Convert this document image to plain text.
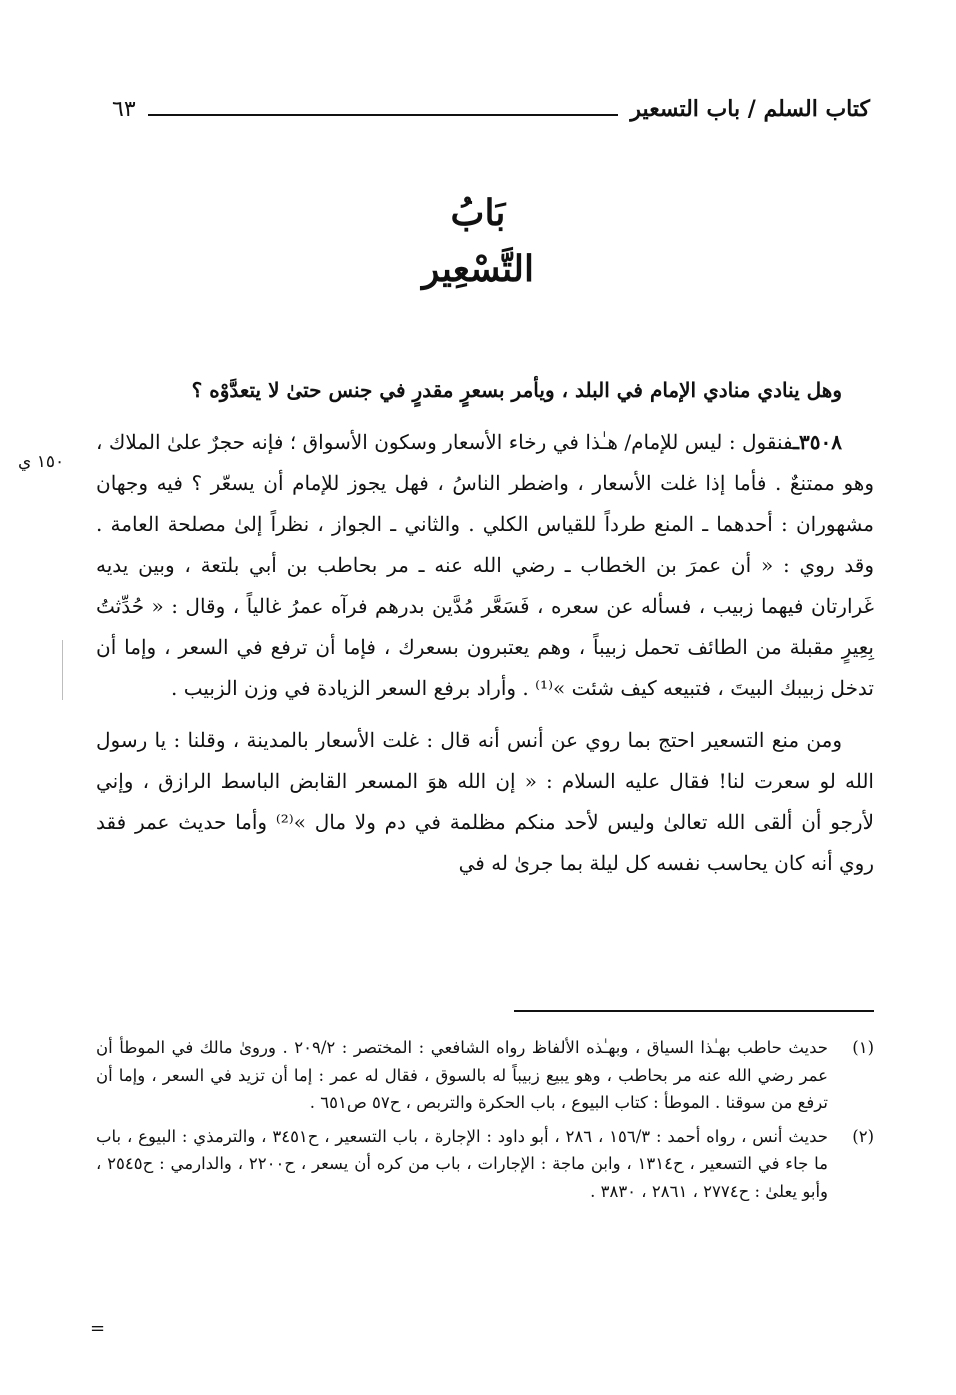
كتاب السلم / باب التسعير
٦٣
بَابُ
التَّسْعِير
١٥٠ ي

وهل ينادي منادي الإمام في البلد ، ويأمر بسعرٍ مقدرٍ في جنس حتىٰ لا يتعدَّوْه ؟

٣٥٠٨ـفنقول : ليس للإمام/ هـٰذا في رخاء الأسعار وسكون الأسواق ؛ فإنه حجرٌ علىٰ الملاك ، وهو ممتنعٌ . فأما إذا غلت الأسعار ، واضطر الناسُ ، فهل يجوز للإمام أن يسعّر ؟ فيه وجهان مشهوران : أحدهما ـ المنع طرداً للقياس الكلي . والثاني ـ الجواز ، نظراً إلىٰ مصلحة العامة . وقد روي : « أن عمرَ بن الخطاب ـ رضي الله عنه ـ مر بحاطب بن أبي بلتعة ، وبين يديه غَرارتان فيهما زبيب ، فسأله عن سعره ، فَسَعَّر مُدَّين بدرهم فرآه عمرُ غالياً ، وقال : « حُدِّثتُ بِعِيرٍ مقبلة من الطائف تحمل زبيباً ، وهم يعتبرون بسعرك ، فإما أن ترفع في السعر ، وإما أن تدخل زبيبك البيتَ ، فتبيعه كيف شئت »⁽¹⁾ . وأراد برفع السعر الزيادة في وزن الزبيب .

ومن منع التسعير احتج بما روي عن أنس أنه قال : غلت الأسعار بالمدينة ، وقلنا : يا رسول الله لو سعرت لنا! فقال عليه السلام : « إن الله هوَ المسعر القابض الباسط الرازق ، وإني لأرجو أن ألقى الله تعالىٰ وليس لأحد منكم مظلمة في دم ولا مال »⁽²⁾ وأما حديث عمر فقد روي أنه كان يحاسب نفسه كل ليلة بما جرىٰ له في

(١)
حديث حاطب بهـٰذا السياق ، وبهـٰذه الألفاظ رواه الشافعي : المختصر : ٢٠٩/٢ . وروىٰ مالك في الموطأ أن عمر رضي الله عنه مر بحاطب ، وهو يبيع زبيباً له بالسوق ، فقال له عمر : إما أن تزيد في السعر ، وإما أن ترفع من سوقنا . الموطأ : كتاب البيوع ، باب الحكرة والتربص ، ح٥٧ ص٦٥١ .
(٢)
حديث أنس ، رواه أحمد : ١٥٦/٣ ، ٢٨٦ ، أبو داود : الإجارة ، باب التسعير ، ح٣٤٥١ ، والترمذي : البيوع ، باب ما جاء في التسعير ، ح١٣١٤ ، وابن ماجة : الإجارات ، باب من كره أن يسعر ، ح٢٢٠٠ ، والدارمي : ح٢٥٤٥ ، وأبو يعلىٰ : ح٢٧٧٤ ، ٢٨٦١ ، ٣٨٣٠ .
=
